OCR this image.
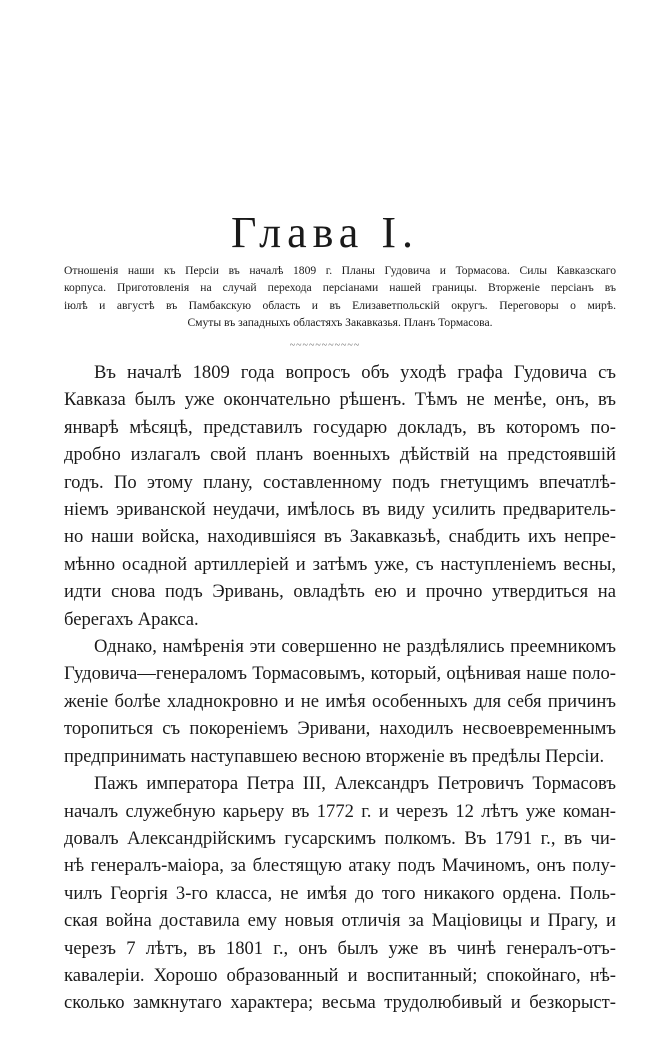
Глава I.
Отношенія наши къ Персіи въ началѣ 1809 г. Планы Гудовича и Тормасова. Силы Кавказскаго
корпуса. Приготовленія на случай перехода персіанами нашей границы. Вторженіе персіанъ въ
іюлѣ и августѣ въ Памбакскую область и въ Елизаветпольскій округъ. Переговоры о мирѣ.
Смуты въ западныхъ областяхъ Закавказья. Планъ Тормасова.
~~~~~~~~~~~
Въ началѣ 1809 года вопросъ объ уходѣ графа Гудовича съ
Кавказа былъ уже окончательно рѣшенъ. Тѣмъ не менѣе, онъ, въ
январѣ мѣсяцѣ, представилъ государю докладъ, въ которомъ по-
дробно излагалъ свой планъ военныхъ дѣйствій на предстоявшій
годъ. По этому плану, составленному подъ гнетущимъ впечатлѣ-
ніемъ эриванской неудачи, имѣлось въ виду усилить предваритель-
но наши войска, находившіяся въ Закавказьѣ, снабдить ихъ непре-
мѣнно осадной артиллеріей и затѣмъ уже, съ наступленіемъ весны,
идти снова подъ Эривань, овладѣть ею и прочно утвердиться на
берегахъ Аракса.
Однако, намѣренія эти совершенно не раздѣлялись преемникомъ
Гудовича—генераломъ Тормасовымъ, который, оцѣнивая наше поло-
женіе болѣе хладнокровно и не имѣя особенныхъ для себя причинъ
торопиться съ покореніемъ Эривани, находилъ несвоевременнымъ
предпринимать наступавшею весною вторженіе въ предѣлы Персіи.
Пажъ императора Петра III, Александръ Петровичъ Тормасовъ
началъ служебную карьеру въ 1772 г. и черезъ 12 лѣтъ уже коман-
довалъ Александрійскимъ гусарскимъ полкомъ. Въ 1791 г., въ чи-
нѣ генералъ-маіора, за блестящую атаку подъ Мачиномъ, онъ полу-
чилъ Георгія 3-го класса, не имѣя до того никакого ордена. Поль-
ская война доставила ему новыя отличія за Маціовицы и Прагу, и
черезъ 7 лѣтъ, въ 1801 г., онъ былъ уже въ чинѣ генералъ-отъ-
кавалеріи. Хорошо образованный и воспитанный; спокойнаго, нѣ-
сколько замкнутаго характера; весьма трудолюбивый и безкорыст-
